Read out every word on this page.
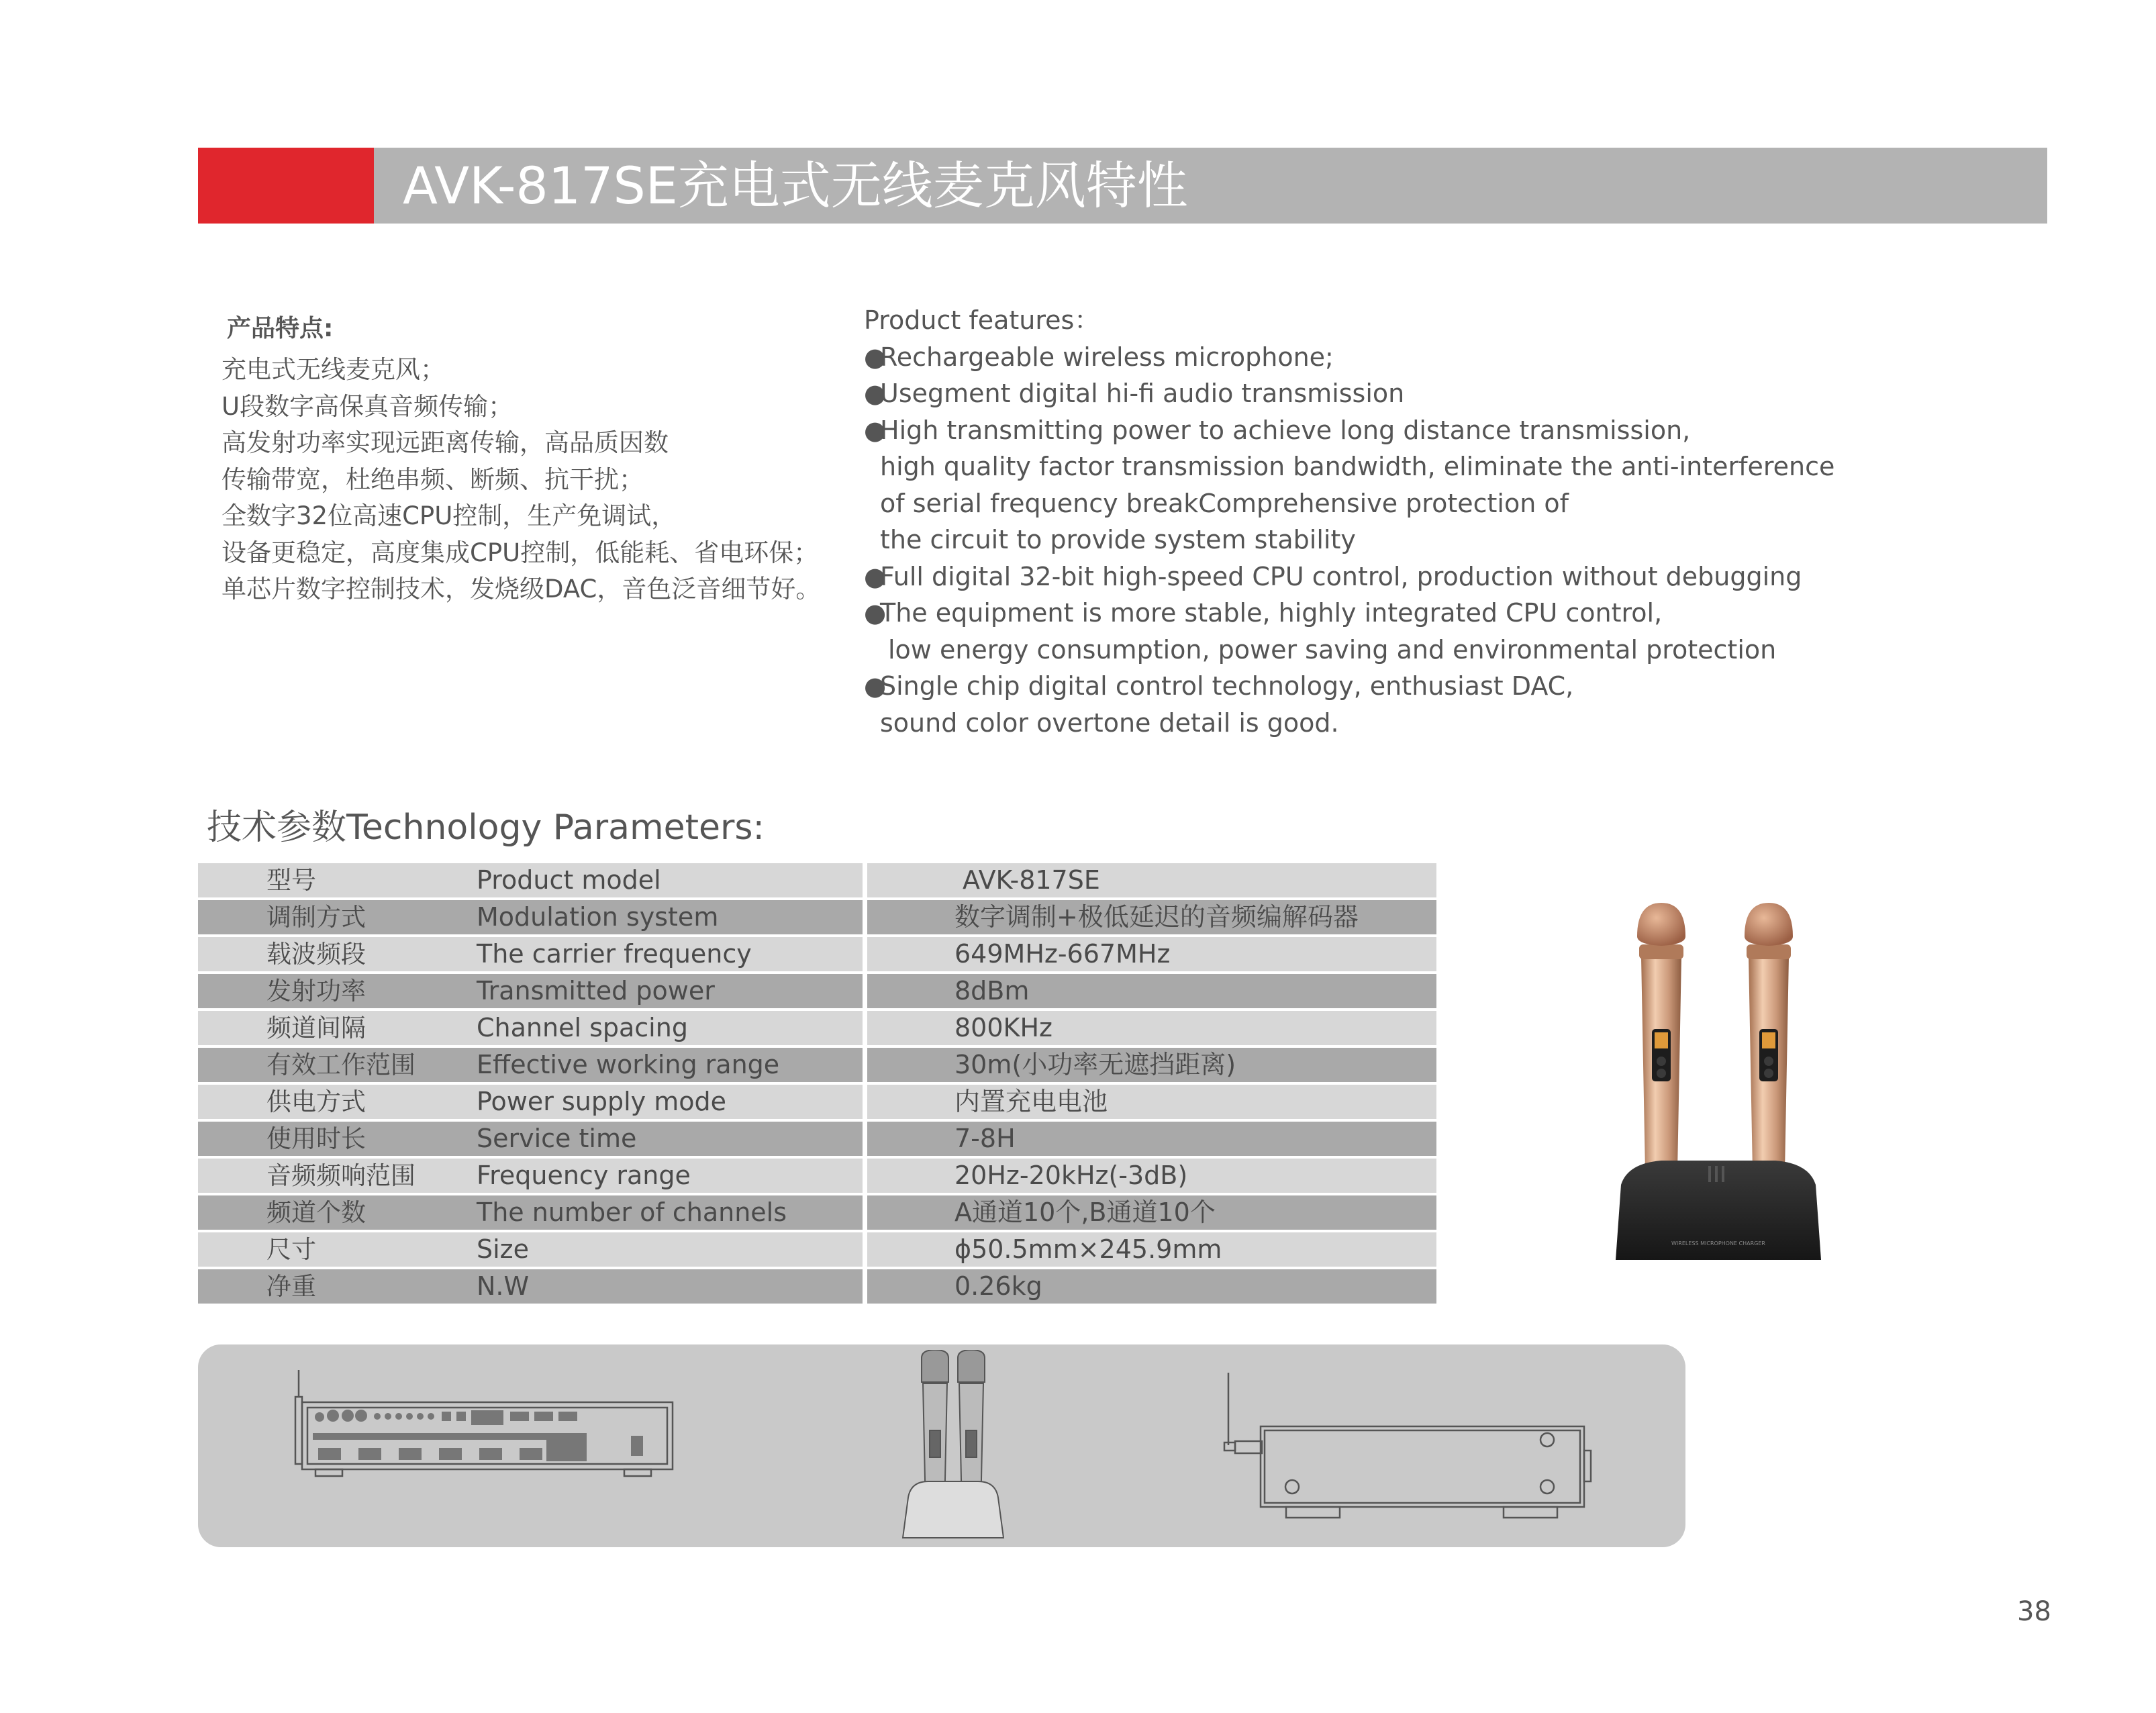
AVK-817SE充电式无线麦克风特性
产品特点:
充电式无线麦克风；
U段数字高保真音频传输；
高发射功率实现远距离传输，高品质因数
传输带宽，杜绝串频、断频、抗干扰；
全数字32位高速CPU控制，生产免调试，
设备更稳定，高度集成CPU控制，低能耗、省电环保；
单芯片数字控制技术，发烧级DAC，音色泛音细节好。
Product features：
●Rechargeable wireless microphone;
●Usegment digital hi-fi audio transmission
●High transmitting power to achieve long distance transmission,
high quality factor transmission bandwidth, eliminate the anti-interference
of serial frequency breakComprehensive protection of
the circuit to provide system stability
●Full digital 32-bit high-speed CPU control, production without debugging
●The equipment is more stable, highly integrated CPU control,
low energy consumption, power saving and environmental protection
●Single chip digital control technology, enthusiast DAC,
sound color overtone detail is good.
技术参数Technology Parameters:
型号	Product model	AVK-817SE
调制方式	Modulation system	数字调制+极低延迟的音频编解码器
载波频段	The carrier frequency	649MHz-667MHz
发射功率	Transmitted power	8dBm
频道间隔	Channel spacing	800KHz
有效工作范围 Effective working range	30m(小功率无遮挡距离)
供电方式	Power supply mode	内置充电电池
使用时长	Service time	7-8H
音频频响范围 Frequency range	20Hz-20kHz(-3dB)
频道个数	The number of channels	A通道10个,B通道10个
尺寸	Size	ϕ50.5mm×245.9mm
净重	N.W	0.26kg
WIRELESS MICROPHONE CHARGER
38
